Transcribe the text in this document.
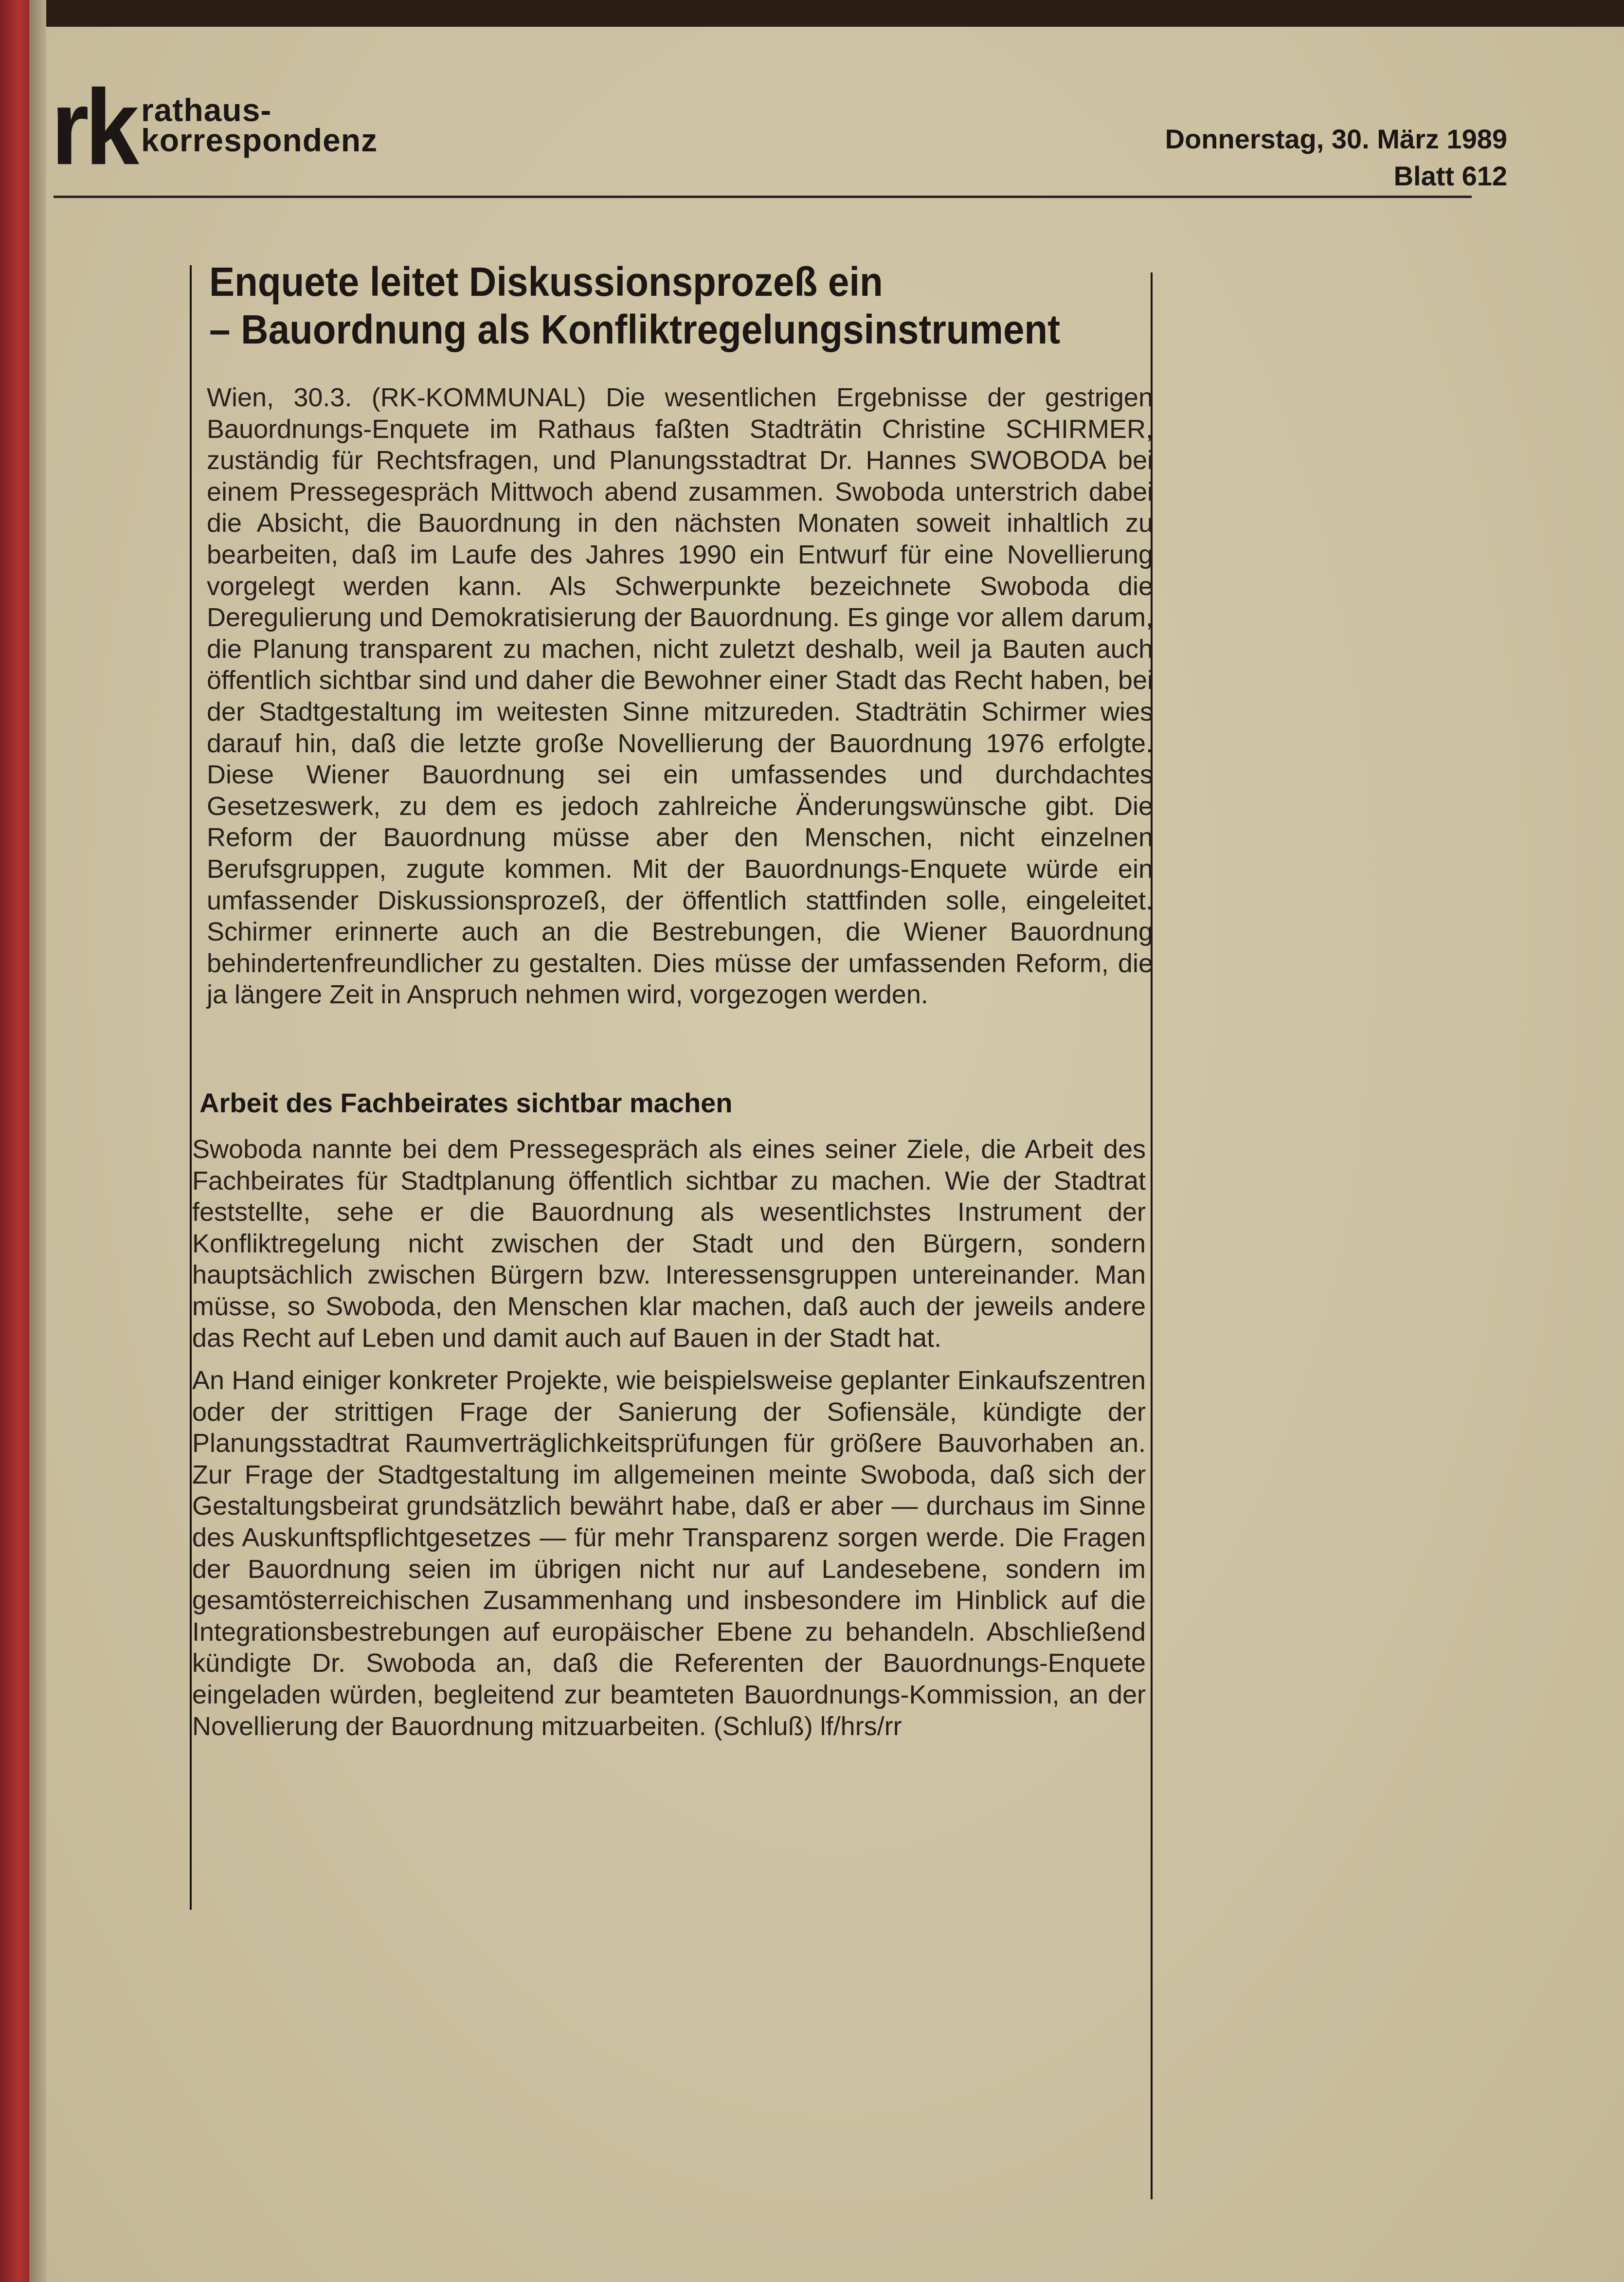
rk rathaus-
korrespondenz	Donnerstag, 30. März 1989
Blatt 612
Enquete leitet Diskussionsprozeß ein
– Bauordnung als Konfliktregelungsinstrument

Wien, 30.3. (RK-KOMMUNAL) Die wesentlichen Ergebnisse der gestrigen Bauordnungs-Enquete im Rathaus faßten Stadträtin Christine SCHIRMER, zuständig für Rechtsfragen, und Planungsstadtrat Dr. Hannes SWOBODA bei einem Pressegespräch Mittwoch abend zusammen. Swoboda unterstrich dabei die Absicht, die Bauordnung in den nächsten Monaten soweit inhaltlich zu bearbeiten, daß im Laufe des Jahres 1990 ein Entwurf für eine Novellierung vorgelegt werden kann. Als Schwerpunkte bezeichnete Swoboda die Deregulierung und Demokratisierung der Bauordnung. Es ginge vor allem darum, die Planung transparent zu machen, nicht zuletzt deshalb, weil ja Bauten auch öffentlich sichtbar sind und daher die Bewohner einer Stadt das Recht haben, bei der Stadtgestaltung im weitesten Sinne mitzureden. Stadträtin Schirmer wies darauf hin, daß die letzte große Novellierung der Bauordnung 1976 erfolgte. Diese Wiener Bauordnung sei ein umfassendes und durchdachtes Gesetzeswerk, zu dem es jedoch zahlreiche Änderungswünsche gibt. Die Reform der Bauordnung müsse aber den Menschen, nicht einzelnen Berufsgruppen, zugute kommen. Mit der Bauordnungs-Enquete würde ein umfassender Diskussionsprozeß, der öffentlich stattfinden solle, eingeleitet. Schirmer erinnerte auch an die Bestrebungen, die Wiener Bauordnung behindertenfreundlicher zu gestalten. Dies müsse der umfassenden Reform, die ja längere Zeit in Anspruch nehmen wird, vorgezogen werden.

Arbeit des Fachbeirates sichtbar machen

Swoboda nannte bei dem Pressegespräch als eines seiner Ziele, die Arbeit des Fachbeirates für Stadtplanung öffentlich sichtbar zu machen. Wie der Stadtrat feststellte, sehe er die Bauordnung als wesentlichstes Instrument der Konfliktregelung nicht zwischen der Stadt und den Bürgern, sondern hauptsächlich zwischen Bürgern bzw. Interessensgruppen untereinander. Man müsse, so Swoboda, den Menschen klar machen, daß auch der jeweils andere das Recht auf Leben und damit auch auf Bauen in der Stadt hat.

An Hand einiger konkreter Projekte, wie beispielsweise geplanter Einkaufszentren oder der strittigen Frage der Sanierung der Sofiensäle, kündigte der Planungsstadtrat Raumverträglichkeitsprüfungen für größere Bauvorhaben an. Zur Frage der Stadtgestaltung im allgemeinen meinte Swoboda, daß sich der Gestaltungsbeirat grundsätzlich bewährt habe, daß er aber — durchaus im Sinne des Auskunftspflichtgesetzes — für mehr Transparenz sorgen werde. Die Fragen der Bauordnung seien im übrigen nicht nur auf Landesebene, sondern im gesamtösterreichischen Zusammenhang und insbesondere im Hinblick auf die Integrationsbestrebungen auf europäischer Ebene zu behandeln. Abschließend kündigte Dr. Swoboda an, daß die Referenten der Bauordnungs-Enquete eingeladen würden, begleitend zur beamteten Bauordnungs-Kommission, an der Novellierung der Bauordnung mitzuarbeiten. (Schluß) lf/hrs/rr
